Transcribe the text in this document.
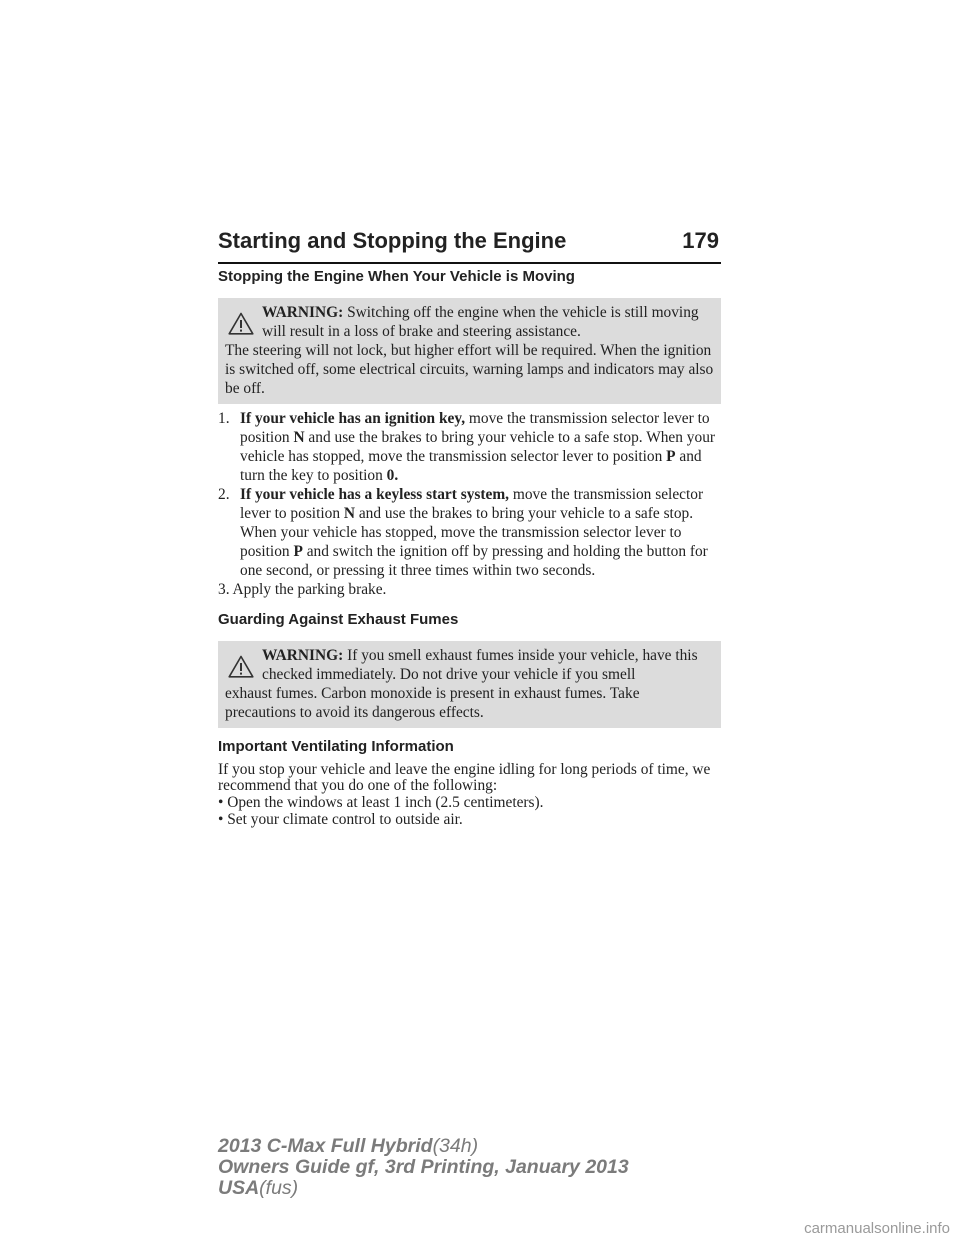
Starting and Stopping the Engine	179
Stopping the Engine When Your Vehicle is Moving
WARNING: Switching off the engine when the vehicle is still moving will result in a loss of brake and steering assistance.
The steering will not lock, but higher effort will be required. When the ignition is switched off, some electrical circuits, warning lamps and indicators may also be off.
1. If your vehicle has an ignition key, move the transmission selector lever to position N and use the brakes to bring your vehicle to a safe stop. When your vehicle has stopped, move the transmission selector lever to position P and turn the key to position 0.
2. If your vehicle has a keyless start system, move the transmission selector lever to position N and use the brakes to bring your vehicle to a safe stop. When your vehicle has stopped, move the transmission selector lever to position P and switch the ignition off by pressing and holding the button for one second, or pressing it three times within two seconds.
3. Apply the parking brake.
Guarding Against Exhaust Fumes
WARNING: If you smell exhaust fumes inside your vehicle, have this checked immediately. Do not drive your vehicle if you smell
exhaust fumes. Carbon monoxide is present in exhaust fumes. Take precautions to avoid its dangerous effects.
Important Ventilating Information

If you stop your vehicle and leave the engine idling for long periods of time, we recommend that you do one of the following:

• Open the windows at least 1 inch (2.5 centimeters).
• Set your climate control to outside air.
2013 C-Max Full Hybrid(34h)
Owners Guide gf, 3rd Printing, January 2013
USA(fus)
carmanualsonline.info
